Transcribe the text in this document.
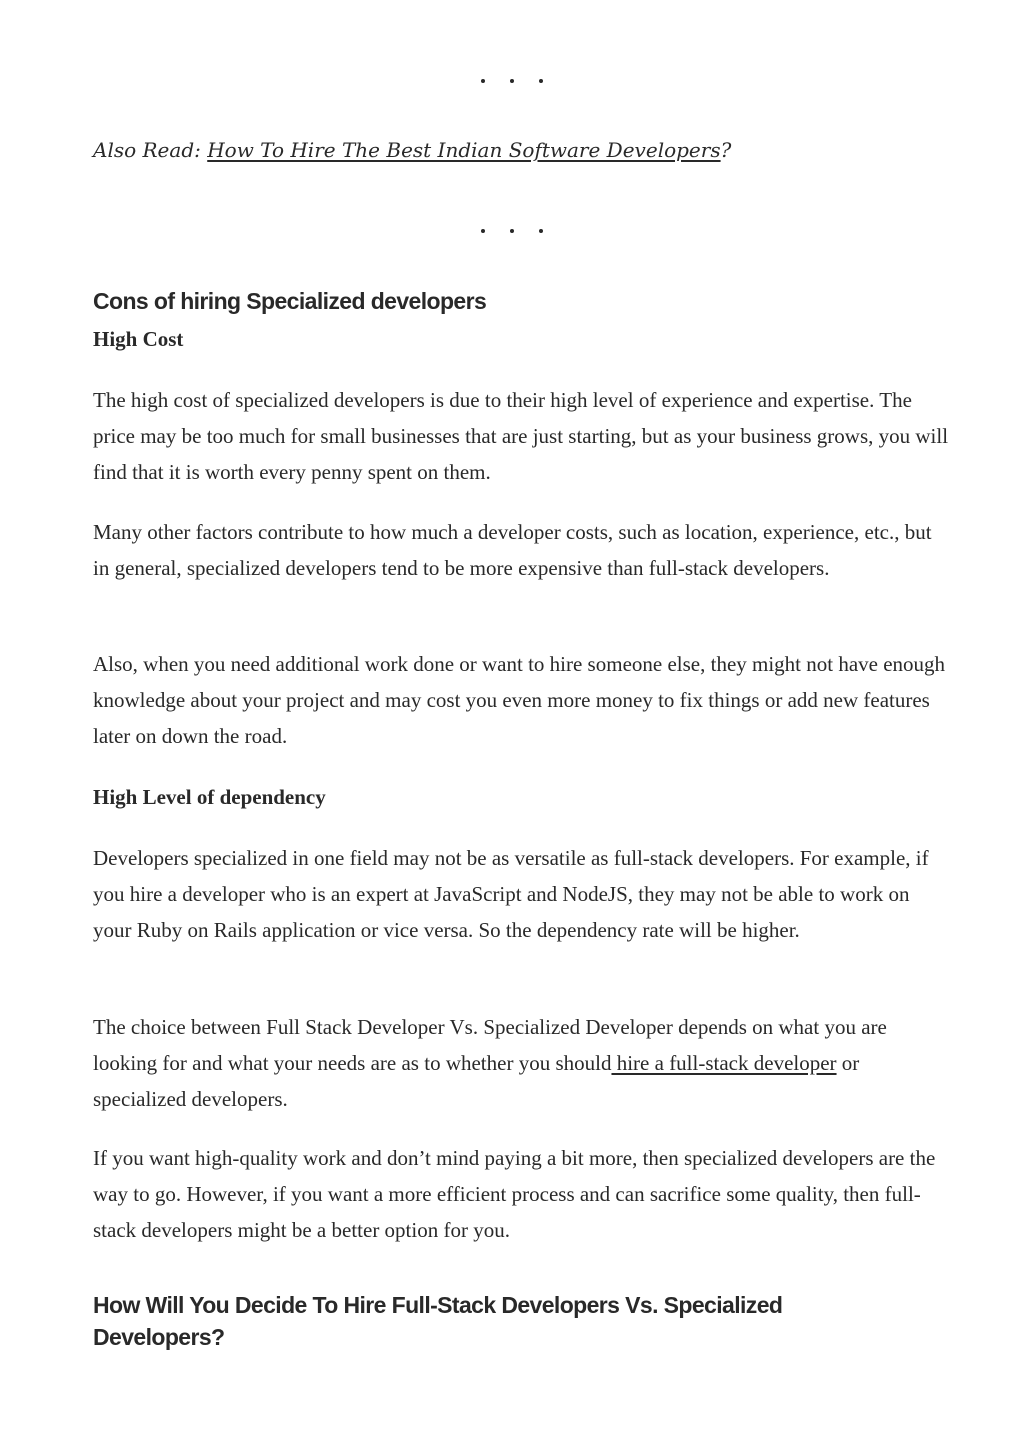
Also Read: How To Hire The Best Indian Software Developers?
Cons of hiring Specialized developers
High Cost

The high cost of specialized developers is due to their high level of experience and expertise. The price may be too much for small businesses that are just starting, but as your business grows, you will find that it is worth every penny spent on them.

Many other factors contribute to how much a developer costs, such as location, experience, etc., but in general, specialized developers tend to be more expensive than full-stack developers.

Also, when you need additional work done or want to hire someone else, they might not have enough knowledge about your project and may cost you even more money to fix things or add new features later on down the road.

High Level of dependency

Developers specialized in one field may not be as versatile as full-stack developers. For example, if you hire a developer who is an expert at JavaScript and NodeJS, they may not be able to work on your Ruby on Rails application or vice versa. So the dependency rate will be higher.

The choice between Full Stack Developer Vs. Specialized Developer depends on what you are looking for and what your needs are as to whether you should hire a full-stack developer or specialized developers.

If you want high-quality work and don’t mind paying a bit more, then specialized developers are the way to go. However, if you want a more efficient process and can sacrifice some quality, then full-stack developers might be a better option for you.

How Will You Decide To Hire Full-Stack Developers Vs. Specialized Developers?
